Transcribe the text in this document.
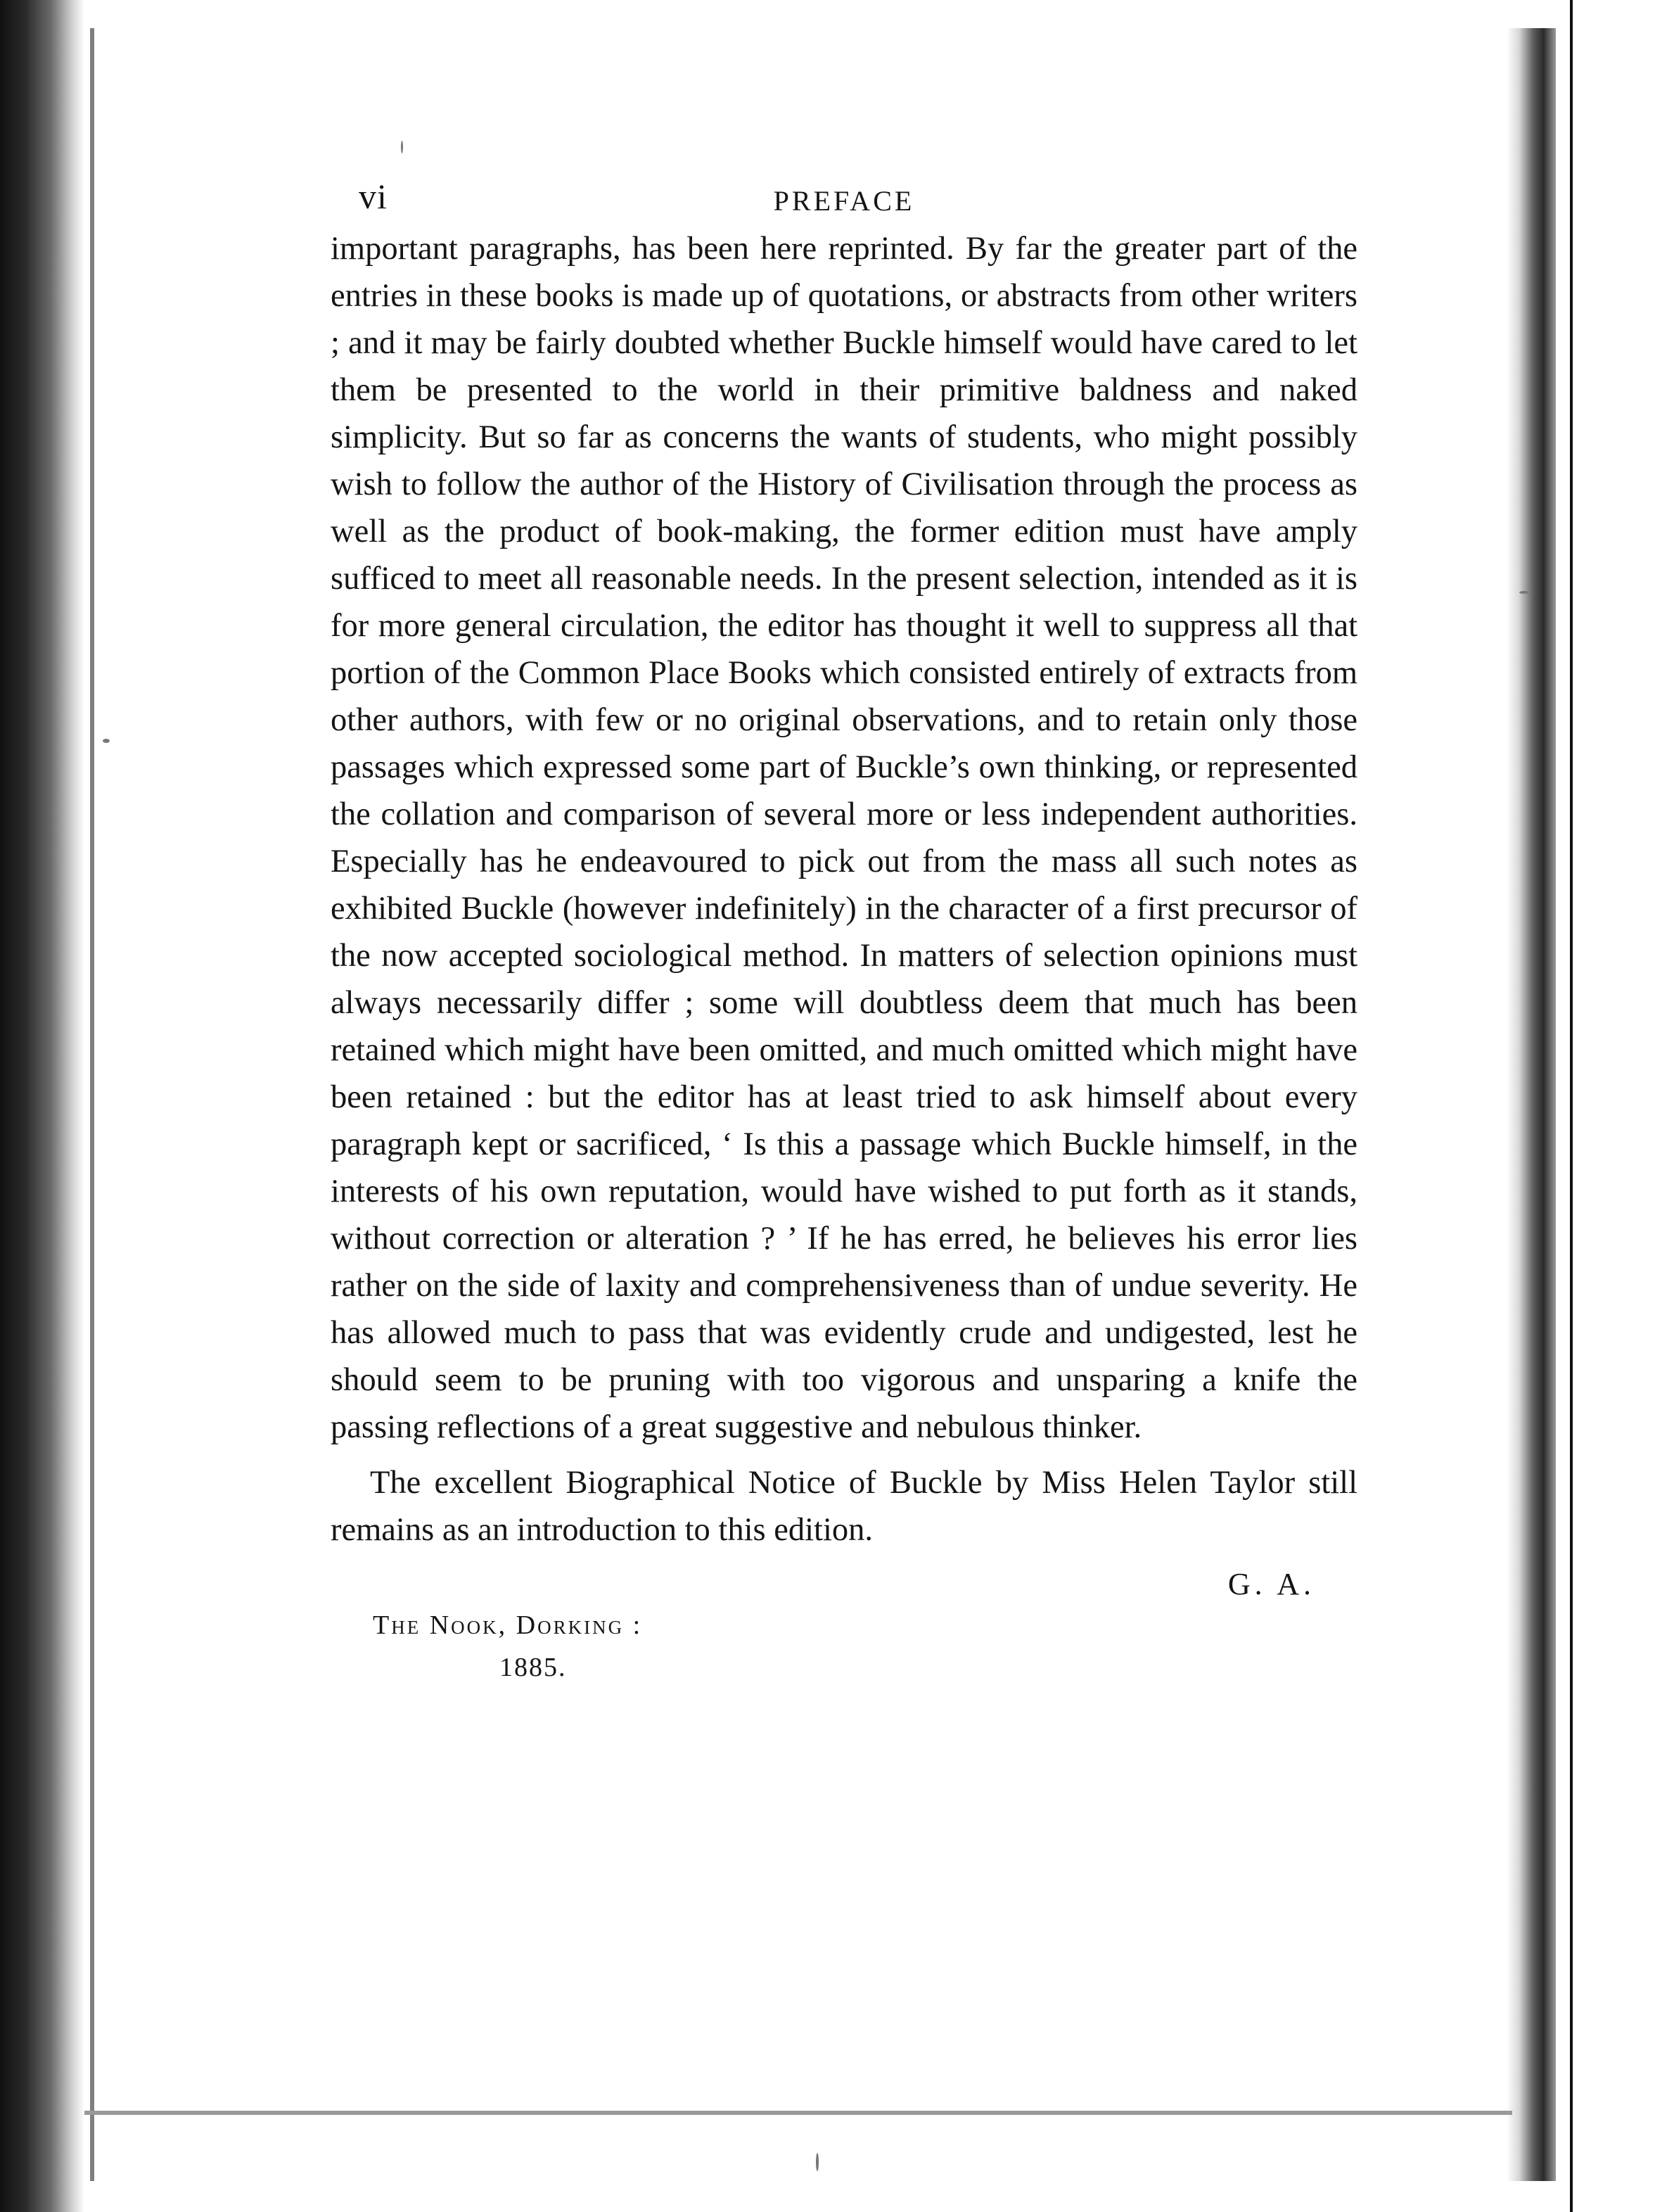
vi	PREFACE

important paragraphs, has been here reprinted. By far the greater part of the entries in these books is made up of quotations, or abstracts from other writers ; and it may be fairly doubted whether Buckle himself would have cared to let them be presented to the world in their primitive baldness and naked simplicity. But so far as concerns the wants of students, who might possibly wish to follow the author of the History of Civilisation through the process as well as the product of book-making, the former edition must have amply sufficed to meet all reasonable needs. In the present selection, intended as it is for more general circulation, the editor has thought it well to suppress all that portion of the Common Place Books which consisted entirely of extracts from other authors, with few or no original observations, and to retain only those passages which expressed some part of Buckle’s own thinking, or represented the collation and comparison of several more or less independent authorities. Especially has he endeavoured to pick out from the mass all such notes as exhibited Buckle (however indefinitely) in the character of a first precursor of the now accepted sociological method. In matters of selection opinions must always necessarily differ ; some will doubtless deem that much has been retained which might have been omitted, and much omitted which might have been retained : but the editor has at least tried to ask himself about every paragraph kept or sacrificed, ‘ Is this a passage which Buckle himself, in the interests of his own reputation, would have wished to put forth as it stands, without correction or alteration ? ’ If he has erred, he believes his error lies rather on the side of laxity and comprehensiveness than of undue severity. He has allowed much to pass that was evidently crude and undigested, lest he should seem to be pruning with too vigorous and unsparing a knife the passing reflections of a great suggestive and nebulous thinker.

The excellent Biographical Notice of Buckle by Miss Helen Taylor still remains as an introduction to this edition.

G. A.
The Nook, Dorking :
1885.
